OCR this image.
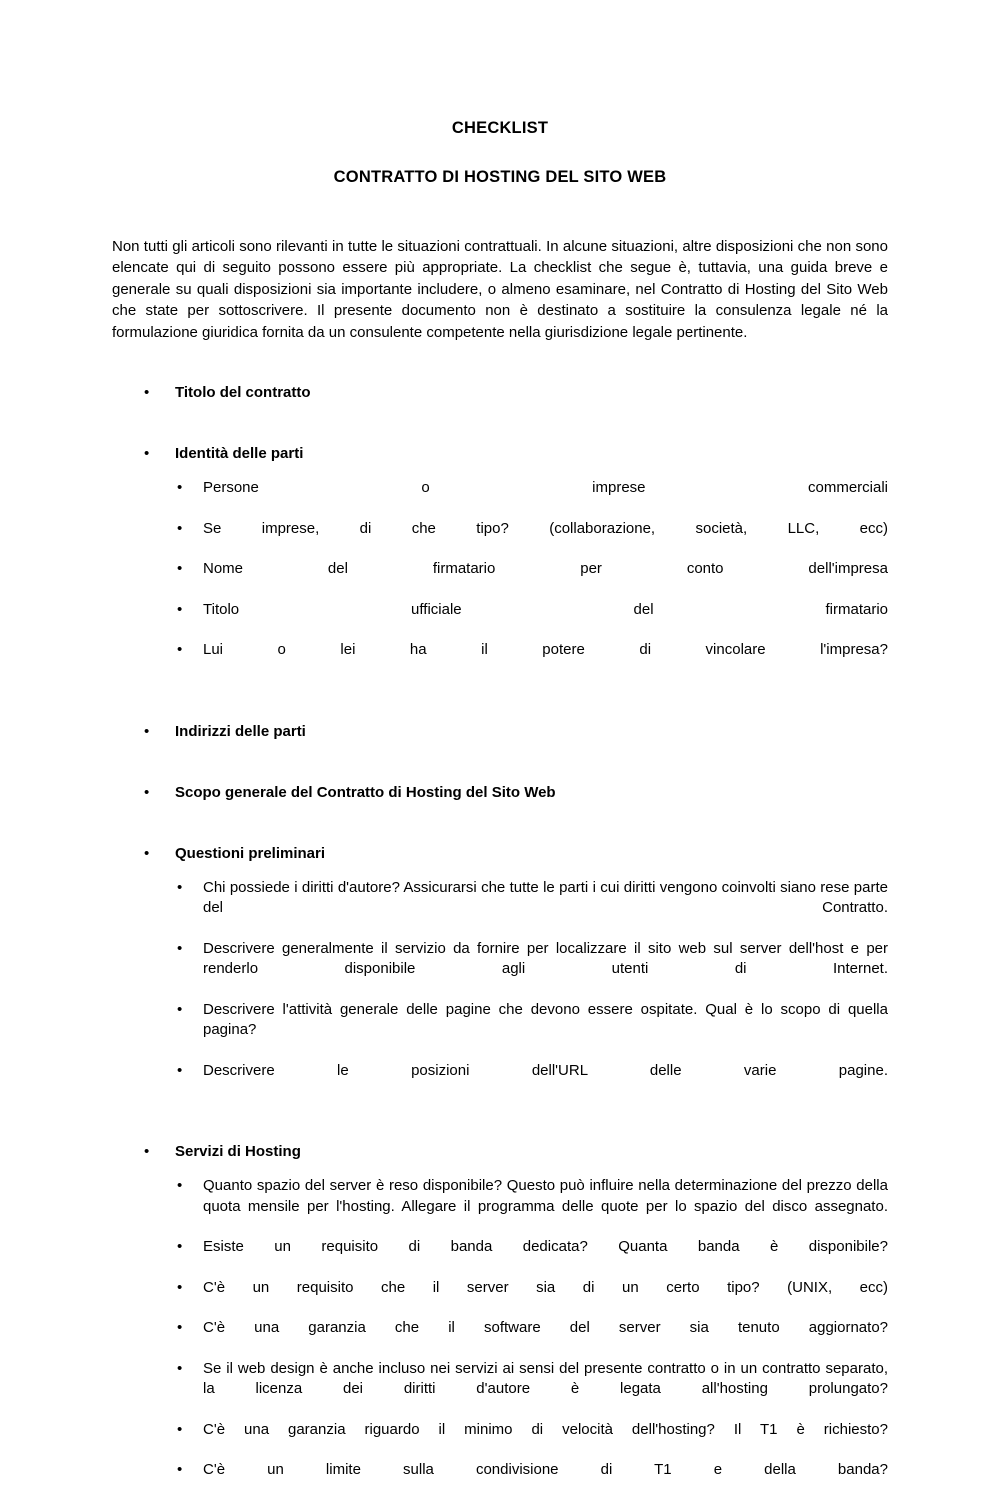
CHECKLIST
CONTRATTO DI HOSTING DEL SITO WEB

Non tutti gli articoli sono rilevanti in tutte le situazioni contrattuali. In alcune situazioni, altre disposizioni che non sono elencate qui di seguito possono essere più appropriate. La checklist che segue è, tuttavia, una guida breve e generale su quali disposizioni sia importante includere, o almeno esaminare, nel Contratto di Hosting del Sito Web che state per sottoscrivere. Il presente documento non è destinato a sostituire la consulenza legale né la formulazione giuridica fornita da un consulente competente nella giurisdizione legale pertinente.

•	Titolo del contratto
•	Identità delle parti
•	Persone o imprese commerciali
•	Se imprese, di che tipo? (collaborazione, società, LLC, ecc)
•	Nome del firmatario per conto dell'impresa
•	Titolo ufficiale del firmatario
•	Lui o lei ha il potere di vincolare l'impresa?
•	Indirizzi delle parti
•	Scopo generale del Contratto di Hosting del Sito Web
•	Questioni preliminari
•	Chi possiede i diritti d'autore? Assicurarsi che tutte le parti i cui diritti vengono coinvolti siano rese parte del Contratto.
•	Descrivere generalmente il servizio da fornire per localizzare il sito web sul server dell'host e per renderlo disponibile agli utenti di Internet.
•	Descrivere l'attività generale delle pagine che devono essere ospitate. Qual è lo scopo di quella pagina?
•	Descrivere le posizioni dell'URL delle varie pagine.
•	Servizi di Hosting
•	Quanto spazio del server è reso disponibile? Questo può influire nella determinazione del prezzo della quota mensile per l'hosting. Allegare il programma delle quote per lo spazio del disco assegnato.
•	Esiste un requisito di banda dedicata? Quanta banda è disponibile?
•	C'è un requisito che il server sia di un certo tipo? (UNIX, ecc)
•	C'è una garanzia che il software del server sia tenuto aggiornato?
•	Se il web design è anche incluso nei servizi ai sensi del presente contratto o in un contratto separato, la licenza dei diritti d'autore è legata all'hosting prolungato?
•	C'è una garanzia riguardo il minimo di velocità dell'hosting? Il T1 è richiesto?
•	C'è un limite sulla condivisione di T1 e della banda?
